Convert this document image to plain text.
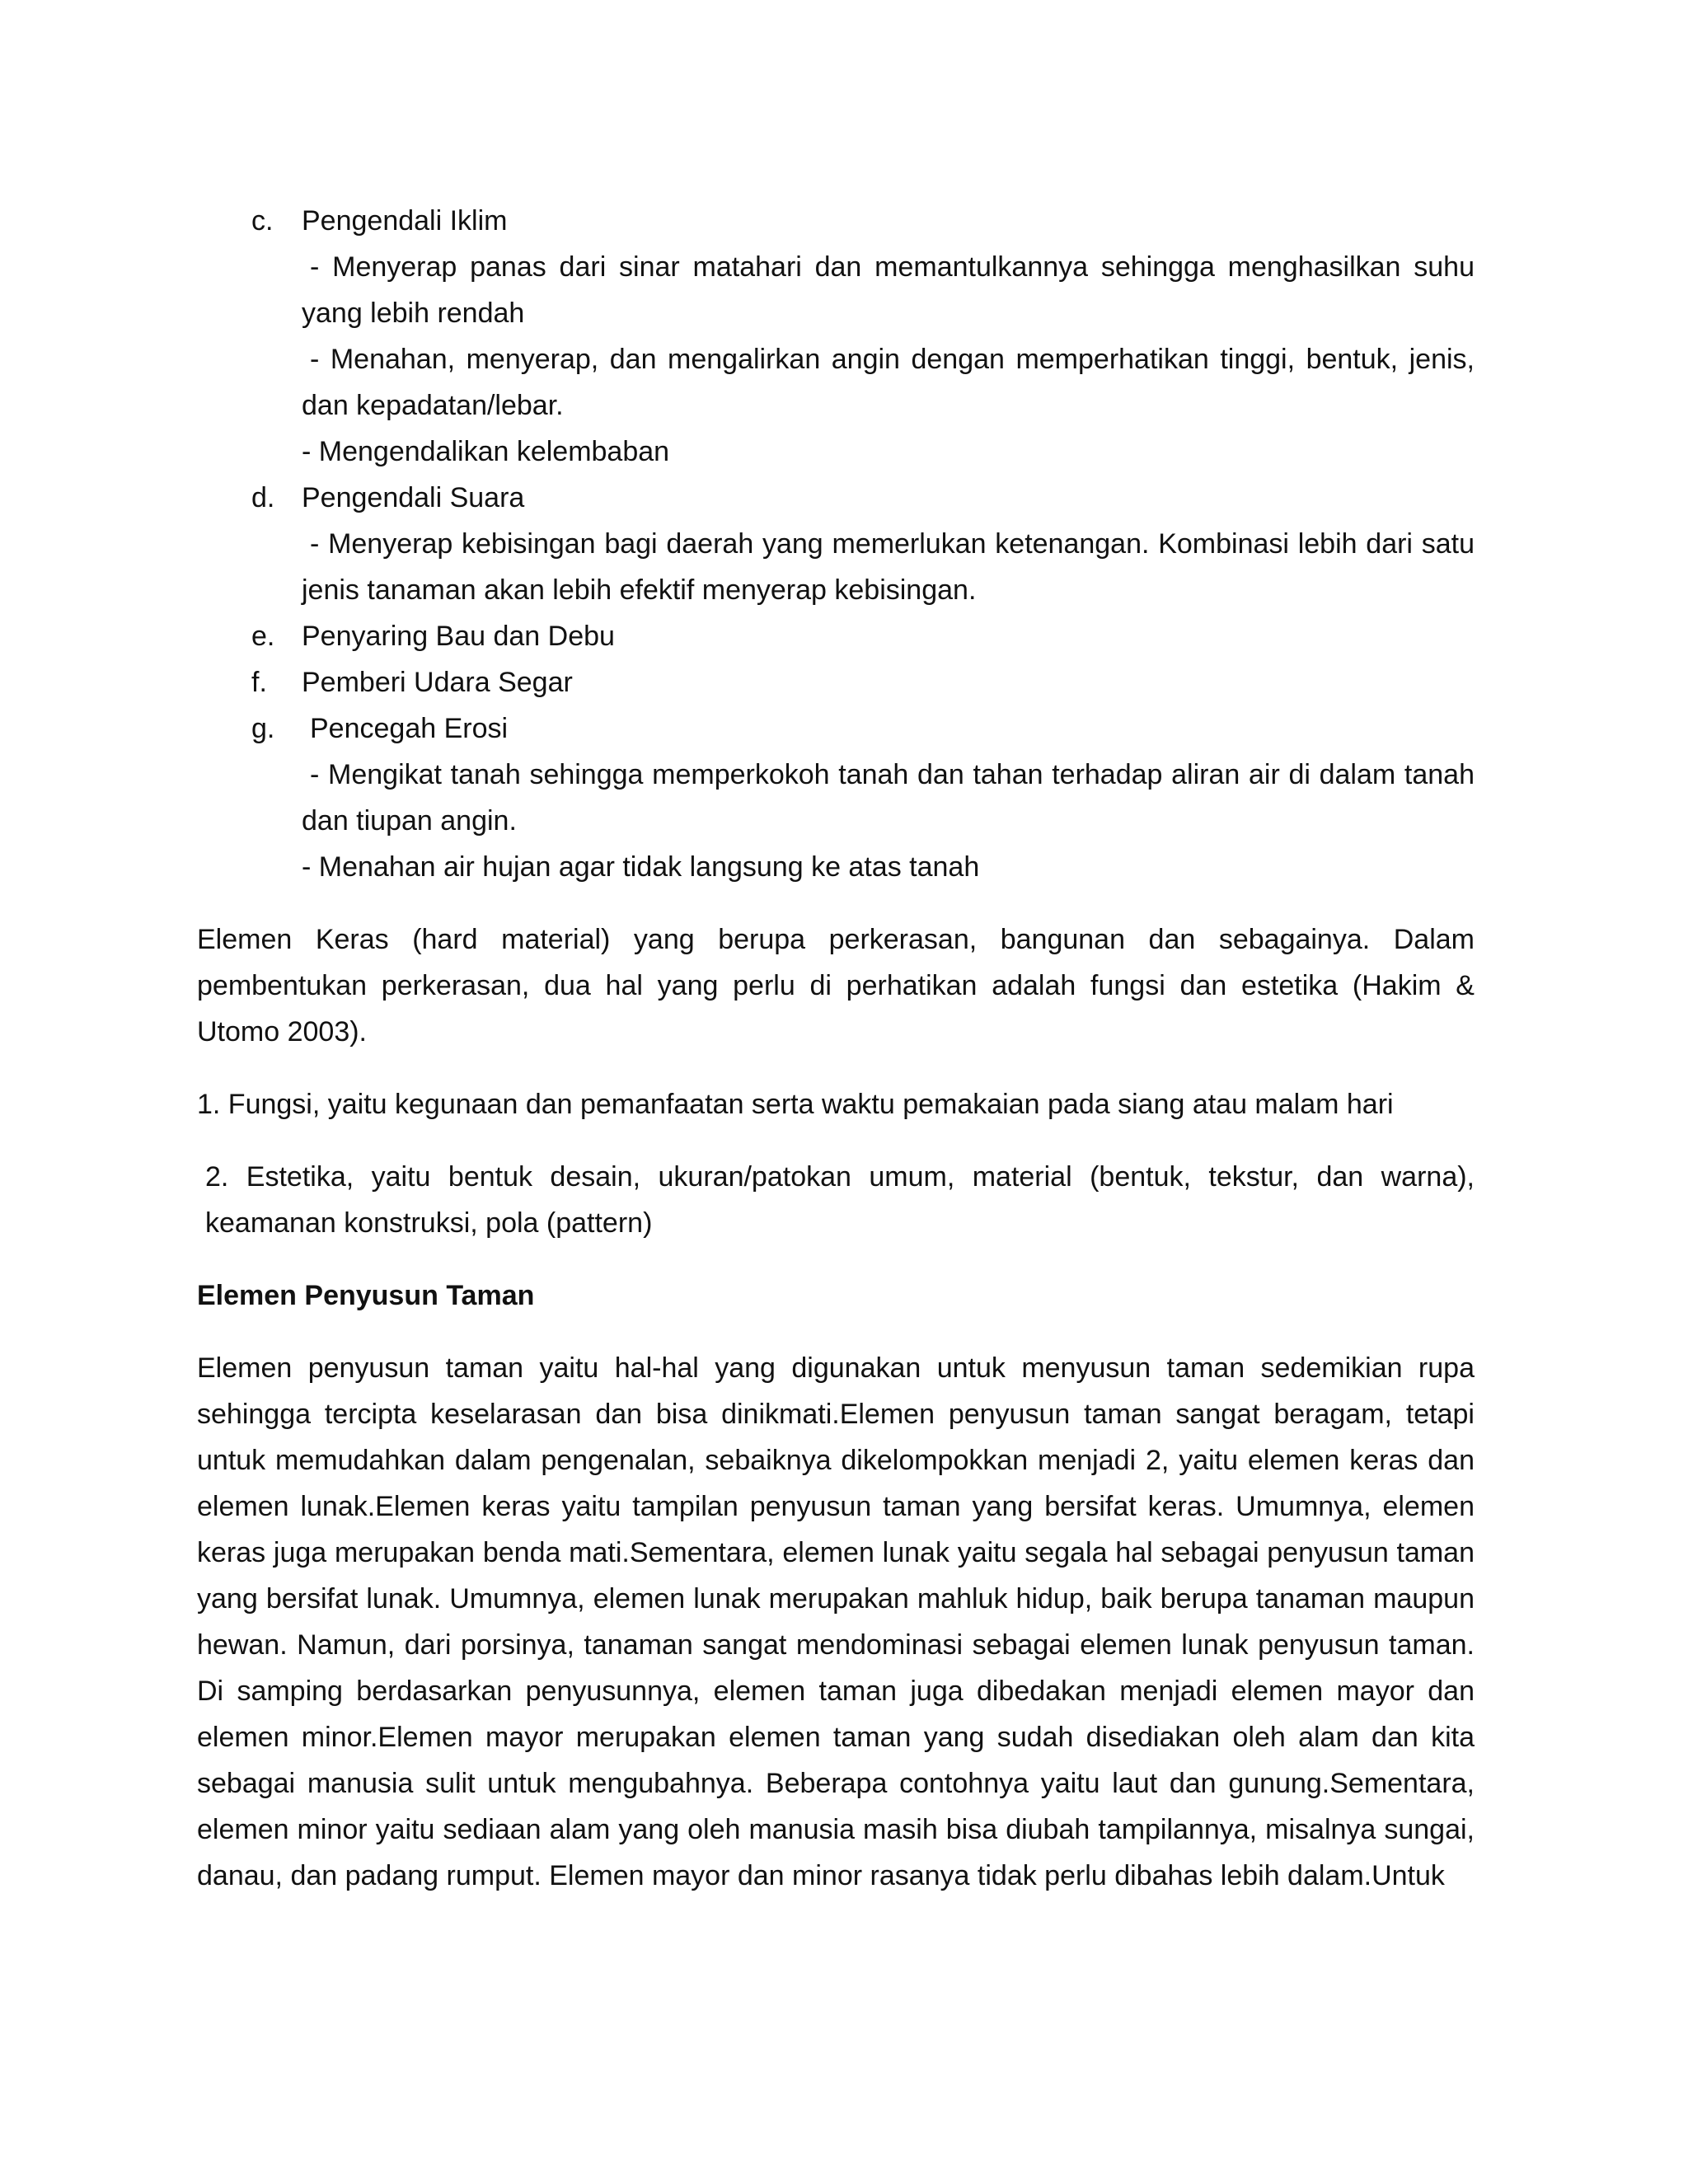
c. Pengendali Iklim
- Menyerap panas dari sinar matahari dan memantulkannya sehingga menghasilkan suhu yang lebih rendah
- Menahan, menyerap, dan mengalirkan angin dengan memperhatikan tinggi, bentuk, jenis, dan kepadatan/lebar.
- Mengendalikan kelembaban
d. Pengendali Suara
- Menyerap kebisingan bagi daerah yang memerlukan ketenangan. Kombinasi lebih dari satu jenis tanaman akan lebih efektif menyerap kebisingan.
e. Penyaring Bau dan Debu
f. Pemberi Udara Segar
g. Pencegah Erosi
- Mengikat tanah sehingga memperkokoh tanah dan tahan terhadap aliran air di dalam tanah dan tiupan angin.
- Menahan air hujan agar tidak langsung ke atas tanah

Elemen Keras (hard material) yang berupa perkerasan, bangunan dan sebagainya. Dalam pembentukan perkerasan, dua hal yang perlu di perhatikan adalah fungsi dan estetika (Hakim & Utomo 2003).

1. Fungsi, yaitu kegunaan dan pemanfaatan serta waktu pemakaian pada siang atau malam hari

2. Estetika, yaitu bentuk desain, ukuran/patokan umum, material (bentuk, tekstur, dan warna), keamanan konstruksi, pola (pattern)

Elemen Penyusun Taman

Elemen penyusun taman yaitu hal-hal yang digunakan untuk menyusun taman sedemikian rupa sehingga tercipta keselarasan dan bisa dinikmati.Elemen penyusun taman sangat beragam, tetapi untuk memudahkan dalam pengenalan, sebaiknya dikelompokkan menjadi 2, yaitu elemen keras dan elemen lunak.Elemen keras yaitu tampilan penyusun taman yang bersifat keras. Umumnya, elemen keras juga merupakan benda mati.Sementara, elemen lunak yaitu segala hal sebagai penyusun taman yang bersifat lunak. Umumnya, elemen lunak merupakan mahluk hidup, baik berupa tanaman maupun hewan. Namun, dari porsinya, tanaman sangat mendominasi sebagai elemen lunak penyusun taman. Di samping berdasarkan penyusunnya, elemen taman juga dibedakan menjadi elemen mayor dan elemen minor.Elemen mayor merupakan elemen taman yang sudah disediakan oleh alam dan kita sebagai manusia sulit untuk mengubahnya. Beberapa contohnya yaitu laut dan gunung.Sementara, elemen minor yaitu sediaan alam yang oleh manusia masih bisa diubah tampilannya, misalnya sungai, danau, dan padang rumput. Elemen mayor dan minor rasanya tidak perlu dibahas lebih dalam.Untuk
